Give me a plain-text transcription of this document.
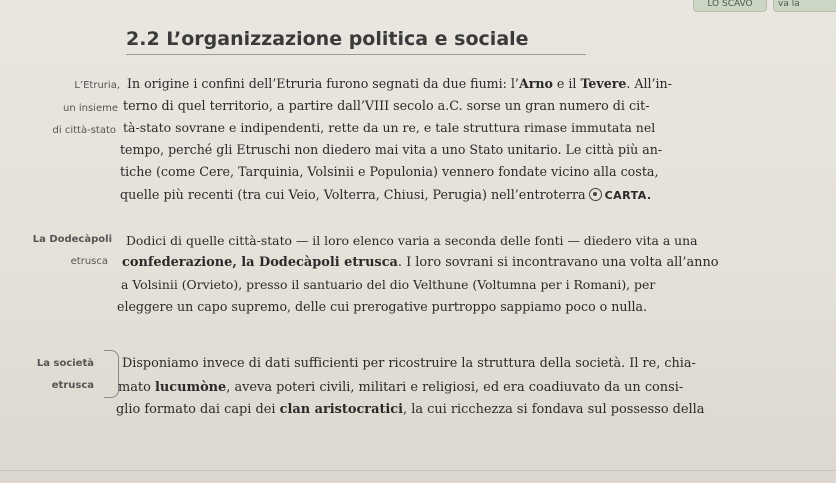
LO SCAVO	va la
2.2 L’organizzazione politica e sociale
L’Etruria,
un insieme
di città-stato
In origine i confini dell’Etruria furono segnati da due fiumi: l’Arno e il Tevere. All’in-
terno di quel territorio, a partire dall’VIII secolo a.C. sorse un gran numero di cit-
tà-stato sovrane e indipendenti, rette da un re, e tale struttura rimase immutata nel
tempo, perché gli Etruschi non diedero mai vita a uno Stato unitario. Le città più an-
tiche (come Cere, Tarquinia, Volsinii e Populonia) vennero fondate vicino alla costa,
quelle più recenti (tra cui Veio, Volterra, Chiusi, Perugia) nell’entroterra CARTA.
La Dodecàpoli
etrusca
Dodici di quelle città-stato — il loro elenco varia a seconda delle fonti — diedero vita a una
confederazione, la Dodecàpoli etrusca. I loro sovrani si incontravano una volta all’anno
a Volsinii (Orvieto), presso il santuario del dio Velthune (Voltumna per i Romani), per
eleggere un capo supremo, delle cui prerogative purtroppo sappiamo poco o nulla.
La società
etrusca
Disponiamo invece di dati sufficienti per ricostruire la struttura della società. Il re, chia-
mato lucumòne, aveva poteri civili, militari e religiosi, ed era coadiuvato da un consi-
glio formato dai capi dei clan aristocratici, la cui ricchezza si fondava sul possesso della
